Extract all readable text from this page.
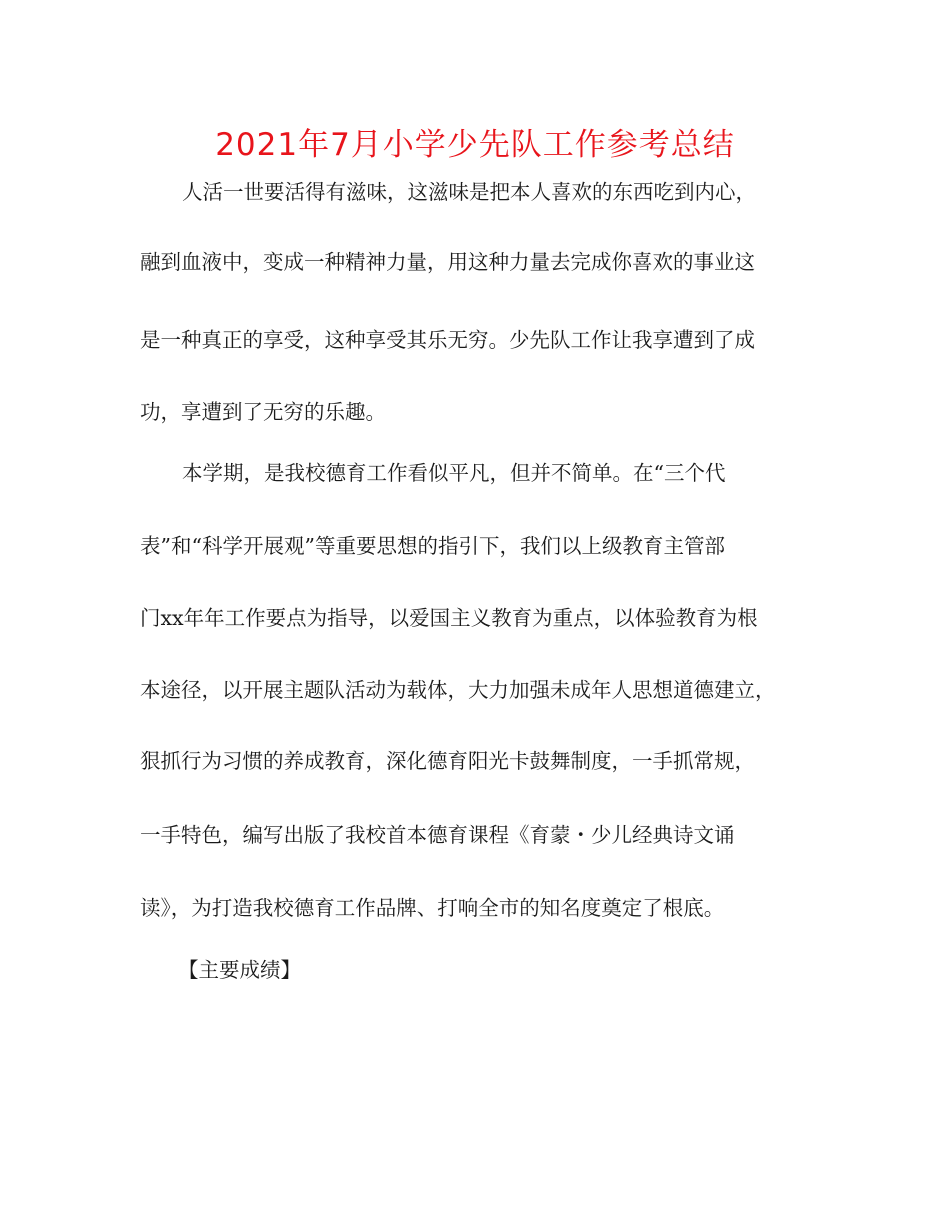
2021年7月小学少先队工作参考总结
人活一世要活得有滋味，这滋味是把本人喜欢的东西吃到内心，
融到血液中，变成一种精神力量，用这种力量去完成你喜欢的事业这
是一种真正的享受，这种享受其乐无穷。少先队工作让我享遭到了成
功，享遭到了无穷的乐趣。
本学期，是我校德育工作看似平凡，但并不简单。在“三个代
表”和“科学开展观”等重要思想的指引下，我们以上级教育主管部
门xx年年工作要点为指导，以爱国主义教育为重点，以体验教育为根
本途径，以开展主题队活动为载体，大力加强未成年人思想道德建立，
狠抓行为习惯的养成教育，深化德育阳光卡鼓舞制度，一手抓常规，
一手特色，编写出版了我校首本德育课程《育蒙・少儿经典诗文诵
读》，为打造我校德育工作品牌、打响全市的知名度奠定了根底。
【主要成绩】
